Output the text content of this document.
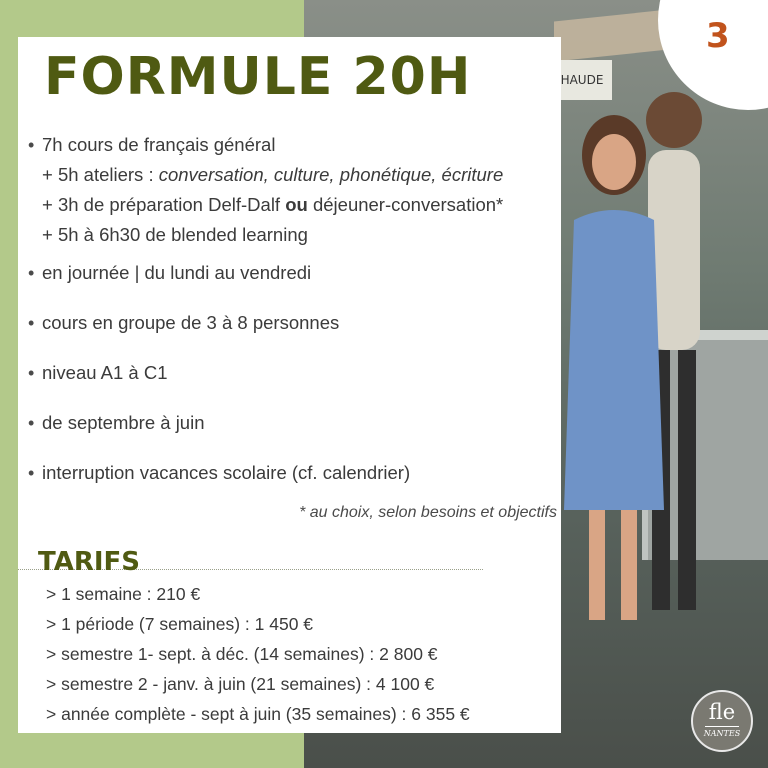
HAUDE
3
FORMULE 20H
• 7h cours de français général
+ 5h ateliers : conversation, culture, phonétique, écriture
+ 3h de préparation Delf-Dalf ou déjeuner-conversation*
+ 5h à 6h30 de blended learning
• en journée | du lundi au vendredi
• cours en groupe de 3 à 8 personnes
• niveau A1 à C1
• de septembre à juin
• interruption vacances scolaire (cf. calendrier)
* au choix, selon besoins et objectifs
TARIFS
> 1 semaine : 210 €
> 1 période (7 semaines) : 1 450 €
> semestre 1- sept. à déc. (14 semaines) : 2 800 €
> semestre 2 - janv. à juin (21 semaines) : 4 100 €
> année complète - sept à juin (35 semaines) : 6 355 €	fle
NANTES
